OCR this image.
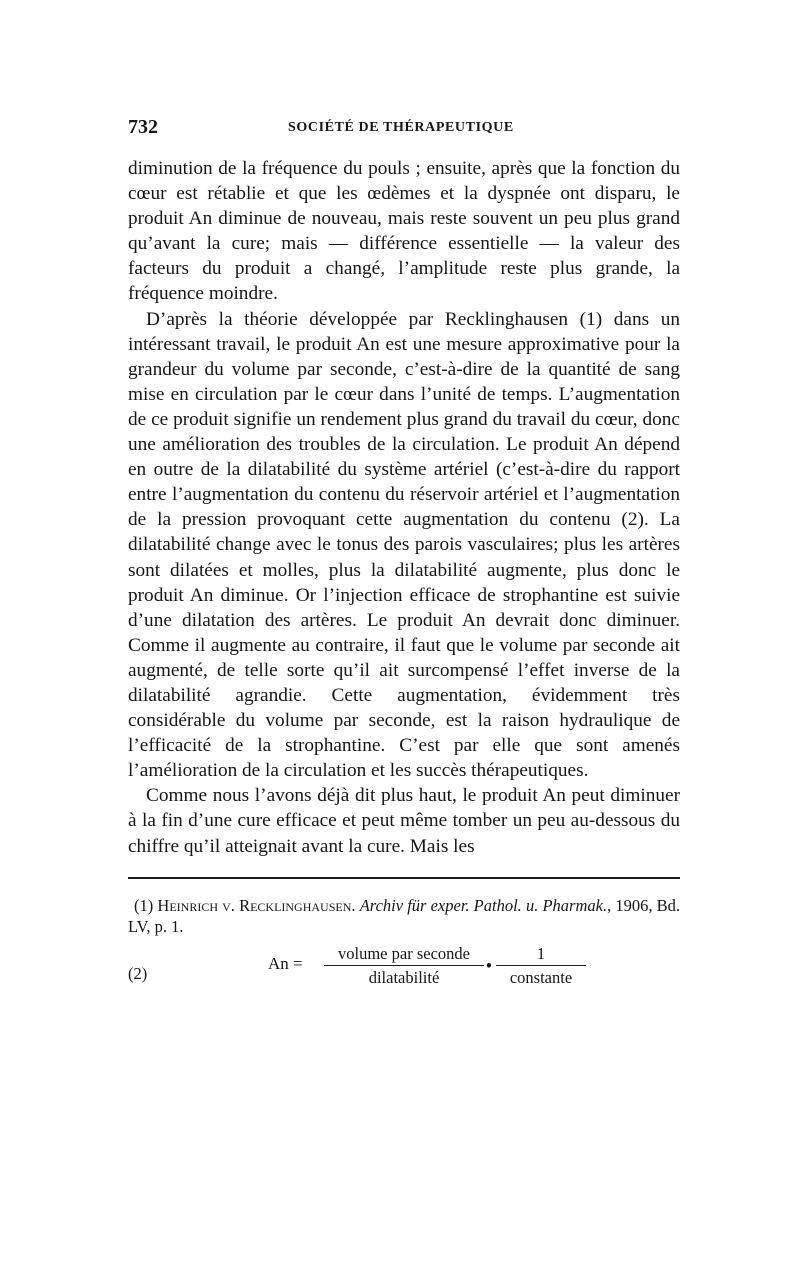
732	SOCIÉTÉ DE THÉRAPEUTIQUE

diminution de la fréquence du pouls ; ensuite, après que la fonction du cœur est rétablie et que les œdèmes et la dyspnée ont disparu, le produit An diminue de nouveau, mais reste souvent un peu plus grand qu’avant la cure; mais — différence essentielle — la valeur des facteurs du produit a changé, l’amplitude reste plus grande, la fréquence moindre.

D’après la théorie développée par Recklinghausen (1) dans un intéressant travail, le produit An est une mesure approximative pour la grandeur du volume par seconde, c’est-à-dire de la quantité de sang mise en circulation par le cœur dans l’unité de temps. L’augmentation de ce produit signifie un rendement plus grand du travail du cœur, donc une amélioration des troubles de la circulation. Le produit An dépend en outre de la dilatabilité du système artériel (c’est-à-dire du rapport entre l’augmentation du contenu du réservoir artériel et l’augmentation de la pression provoquant cette augmentation du contenu (2). La dilatabilité change avec le tonus des parois vasculaires; plus les artères sont dilatées et molles, plus la dilatabilité augmente, plus donc le produit An diminue. Or l’injection efficace de strophantine est suivie d’une dilatation des artères. Le produit An devrait donc diminuer. Comme il augmente au contraire, il faut que le volume par seconde ait augmenté, de telle sorte qu’il ait surcompensé l’effet inverse de la dilatabilité agrandie. Cette augmentation, évidemment très considérable du volume par seconde, est la raison hydraulique de l’efficacité de la strophantine. C’est par elle que sont amenés l’amélioration de la circulation et les succès thérapeutiques.

Comme nous l’avons déjà dit plus haut, le produit An peut diminuer à la fin d’une cure efficace et peut même tomber un peu au-dessous du chiffre qu’il atteignait avant la cure. Mais les

(1) Heinrich v. Recklinghausen. Archiv für exper. Pathol. u. Pharmak., 1906, Bd. LV, p. 1.
(2)
An =
volume par seconde
dilatabilité
•
1
constante
